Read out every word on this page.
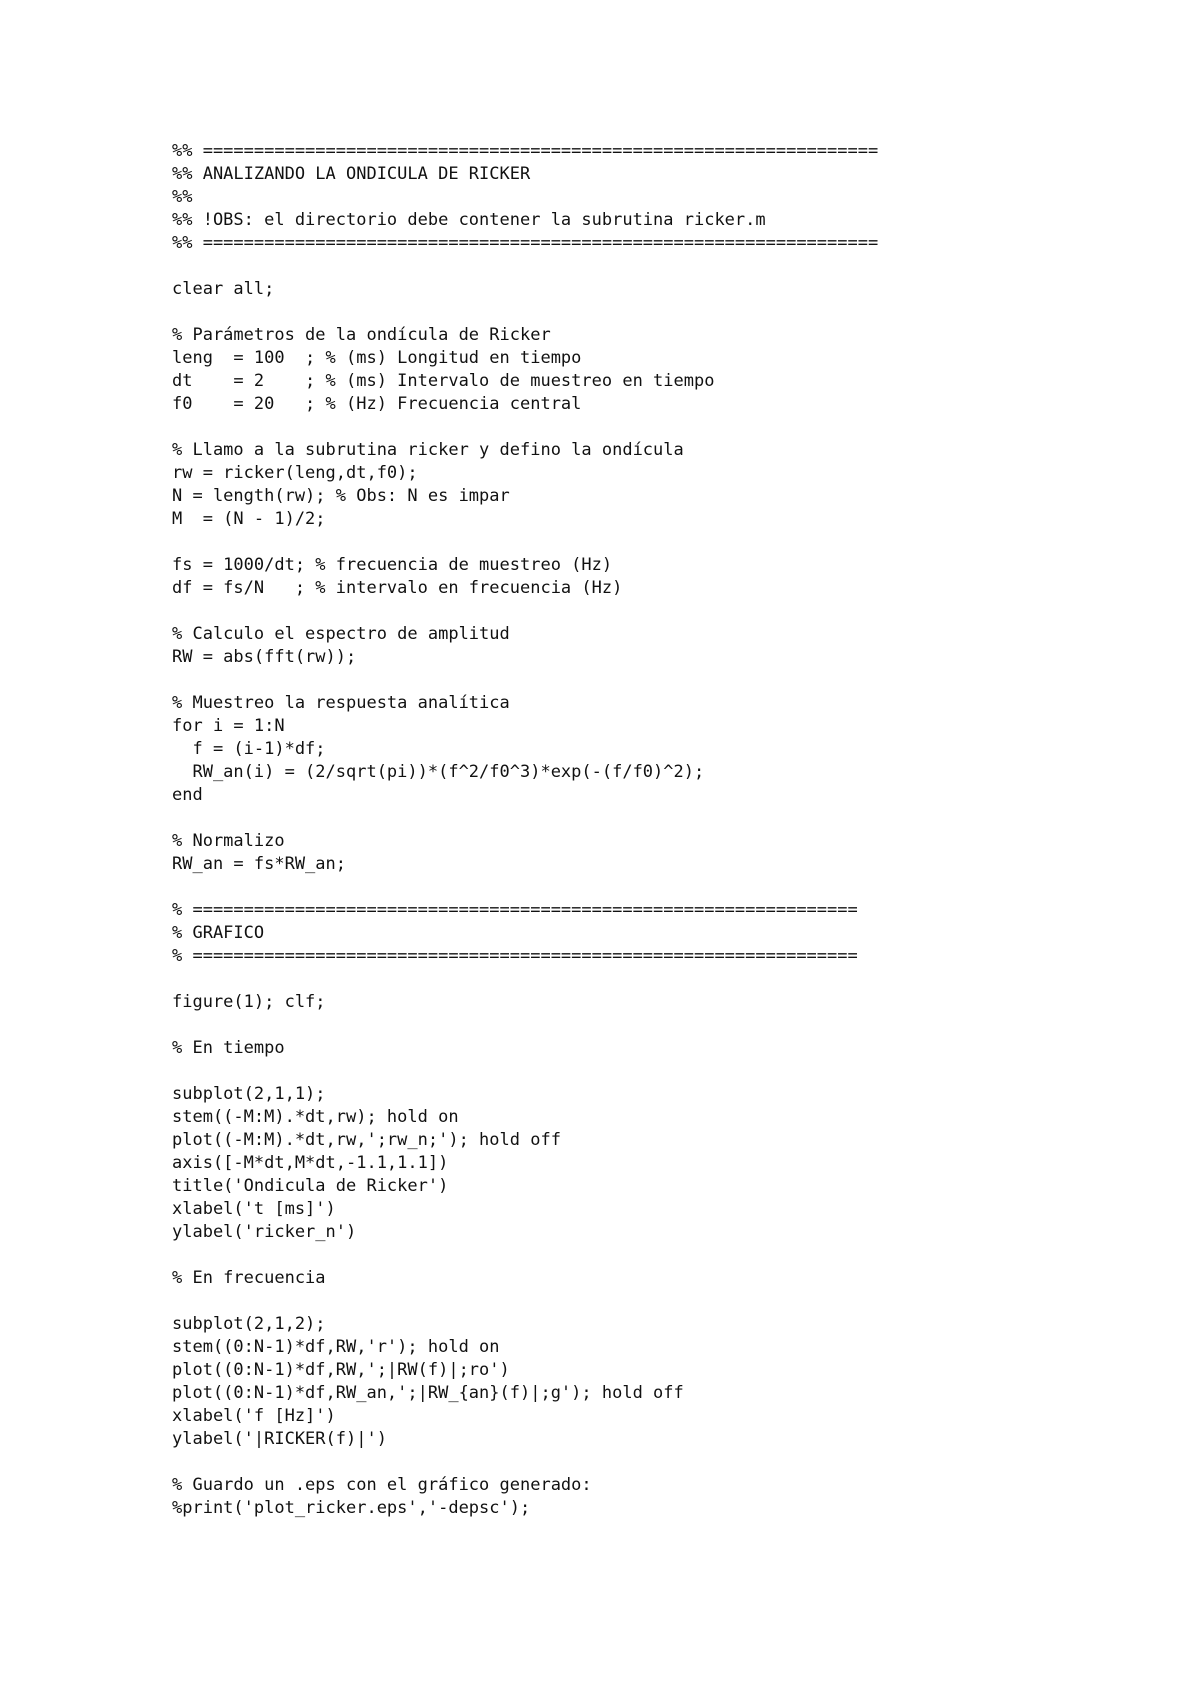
%% ==================================================================
%% ANALIZANDO LA ONDICULA DE RICKER
%%
%% !OBS: el directorio debe contener la subrutina ricker.m
%% ==================================================================
clear all;
% Parámetros de la ondícula de Ricker
leng  = 100  ; % (ms) Longitud en tiempo
dt    = 2    ; % (ms) Intervalo de muestreo en tiempo
f0    = 20   ; % (Hz) Frecuencia central
% Llamo a la subrutina ricker y defino la ondícula
rw = ricker(leng,dt,f0);
N = length(rw); % Obs: N es impar
M  = (N - 1)/2;
fs = 1000/dt; % frecuencia de muestreo (Hz)
df = fs/N   ; % intervalo en frecuencia (Hz)
% Calculo el espectro de amplitud
RW = abs(fft(rw));
% Muestreo la respuesta analítica
for i = 1:N
f = (i-1)*df;
RW_an(i) = (2/sqrt(pi))*(f^2/f0^3)*exp(-(f/f0)^2);
end
% Normalizo
RW_an = fs*RW_an;
% =================================================================
% GRAFICO
% =================================================================
figure(1); clf;
% En tiempo
subplot(2,1,1);
stem((-M:M).*dt,rw); hold on
plot((-M:M).*dt,rw,';rw_n;'); hold off
axis([-M*dt,M*dt,-1.1,1.1])
title('Ondicula de Ricker')
xlabel('t [ms]')
ylabel('ricker_n')
% En frecuencia
subplot(2,1,2);
stem((0:N-1)*df,RW,'r'); hold on
plot((0:N-1)*df,RW,';|RW(f)|;ro')
plot((0:N-1)*df,RW_an,';|RW_{an}(f)|;g'); hold off
xlabel('f [Hz]')
ylabel('|RICKER(f)|')
% Guardo un .eps con el gráfico generado:
%print('plot_ricker.eps','-depsc');
